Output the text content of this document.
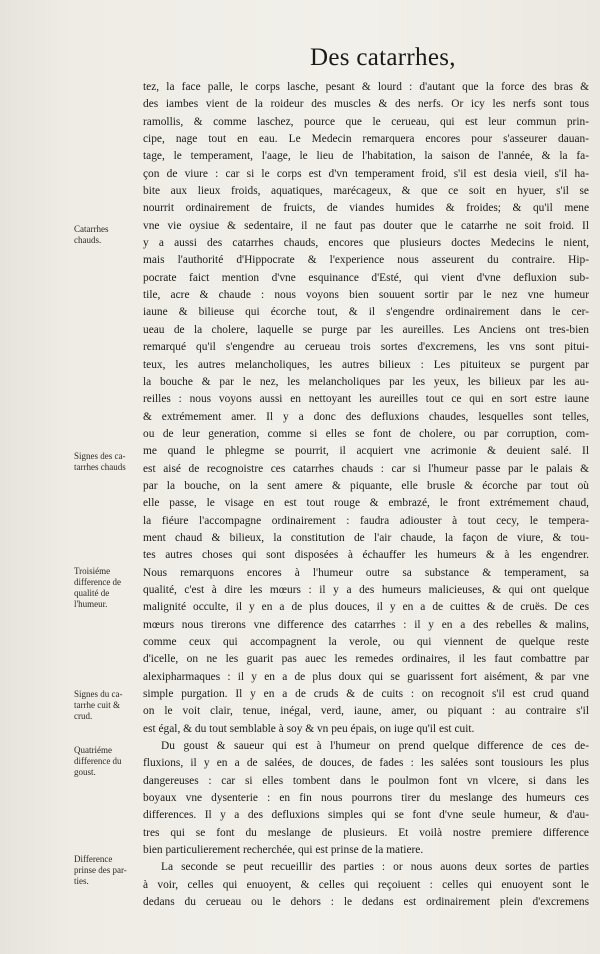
Des catarrhes,
Catarrhes
chauds.
Signes des ca-
tarrhes chauds
Troisiéme
difference de
qualité de
l'humeur.
Signes du ca-
tarrhe cuit &
crud.
Quatriéme
difference du
goust.
Difference
prinse des par-
ties.
tez, la face palle, le corps lasche, pesant & lourd : d'autant que la force des bras &
des iambes vient de la roideur des muscles & des nerfs. Or icy les nerfs sont tous
ramollis, & comme laschez, pource que le cerueau, qui est leur commun prin-
cipe, nage tout en eau. Le Medecin remarquera encores pour s'asseurer dauan-
tage, le temperament, l'aage, le lieu de l'habitation, la saison de l'année, & la fa-
çon de viure : car si le corps est d'vn temperament froid, s'il est desia vieil, s'il ha-
bite aux lieux froids, aquatiques, marécageux, & que ce soit en hyuer, s'il se
nourrit ordinairement de fruicts, de viandes humides & froides; & qu'il mene
vne vie oysiue & sedentaire, il ne faut pas douter que le catarrhe ne soit froid. Il
y a aussi des catarrhes chauds, encores que plusieurs doctes Medecins le nient,
mais l'authorité d'Hippocrate & l'experience nous asseurent du contraire. Hip-
pocrate faict mention d'vne esquinance d'Esté, qui vient d'vne defluxion sub-
tile, acre & chaude : nous voyons bien souuent sortir par le nez vne humeur
iaune & bilieuse qui écorche tout, & il s'engendre ordinairement dans le cer-
ueau de la cholere, laquelle se purge par les aureilles. Les Anciens ont tres-bien
remarqué qu'il s'engendre au cerueau trois sortes d'excremens, les vns sont pitui-
teux, les autres melancholiques, les autres bilieux : Les pituiteux se purgent par
la bouche & par le nez, les melancholiques par les yeux, les bilieux par les au-
reilles : nous voyons aussi en nettoyant les aureilles tout ce qui en sort estre iaune
& extrémement amer. Il y a donc des defluxions chaudes, lesquelles sont telles,
ou de leur generation, comme si elles se font de cholere, ou par corruption, com-
me quand le phlegme se pourrit, il acquiert vne acrimonie & deuient salé. Il
est aisé de recognoistre ces catarrhes chauds : car si l'humeur passe par le palais &
par la bouche, on la sent amere & piquante, elle brusle & écorche par tout où
elle passe, le visage en est tout rouge & embrazé, le front extrémement chaud,
la fiéure l'accompagne ordinairement : faudra adiouster à tout cecy, le tempera-
ment chaud & bilieux, la constitution de l'air chaude, la façon de viure, & tou-
tes autres choses qui sont disposées à échauffer les humeurs & à les engendrer.
Nous remarquons encores à l'humeur outre sa substance & temperament, sa
qualité, c'est à dire les mœurs : il y a des humeurs malicieuses, & qui ont quelque
malignité occulte, il y en a de plus douces, il y en a de cuittes & de cruës. De ces
mœurs nous tirerons vne difference des catarrhes : il y en a des rebelles & malins,
comme ceux qui accompagnent la verole, ou qui viennent de quelque reste
d'icelle, on ne les guarit pas auec les remedes ordinaires, il les faut combattre par
alexipharmaques : il y en a de plus doux qui se guarissent fort aisément, & par vne
simple purgation. Il y en a de cruds & de cuits : on recognoit s'il est crud quand
on le voit clair, tenue, inégal, verd, iaune, amer, ou piquant : au contraire s'il
est égal, & du tout semblable à soy & vn peu épais, on iuge qu'il est cuit.
Du goust & saueur qui est à l'humeur on prend quelque difference de ces de-
fluxions, il y en a de salées, de douces, de fades : les salées sont tousiours les plus
dangereuses : car si elles tombent dans le poulmon font vn vlcere, si dans les
boyaux vne dysenterie : en fin nous pourrons tirer du meslange des humeurs ces
differences. Il y a des defluxions simples qui se font d'vne seule humeur, & d'au-
tres qui se font du meslange de plusieurs. Et voilà nostre premiere difference
bien particulierement recherchée, qui est prinse de la matiere.
La seconde se peut recueillir des parties : or nous auons deux sortes de parties
à voir, celles qui enuoyent, & celles qui reçoiuent : celles qui enuoyent sont le
dedans du cerueau ou le dehors : le dedans est ordinairement plein d'excremens
